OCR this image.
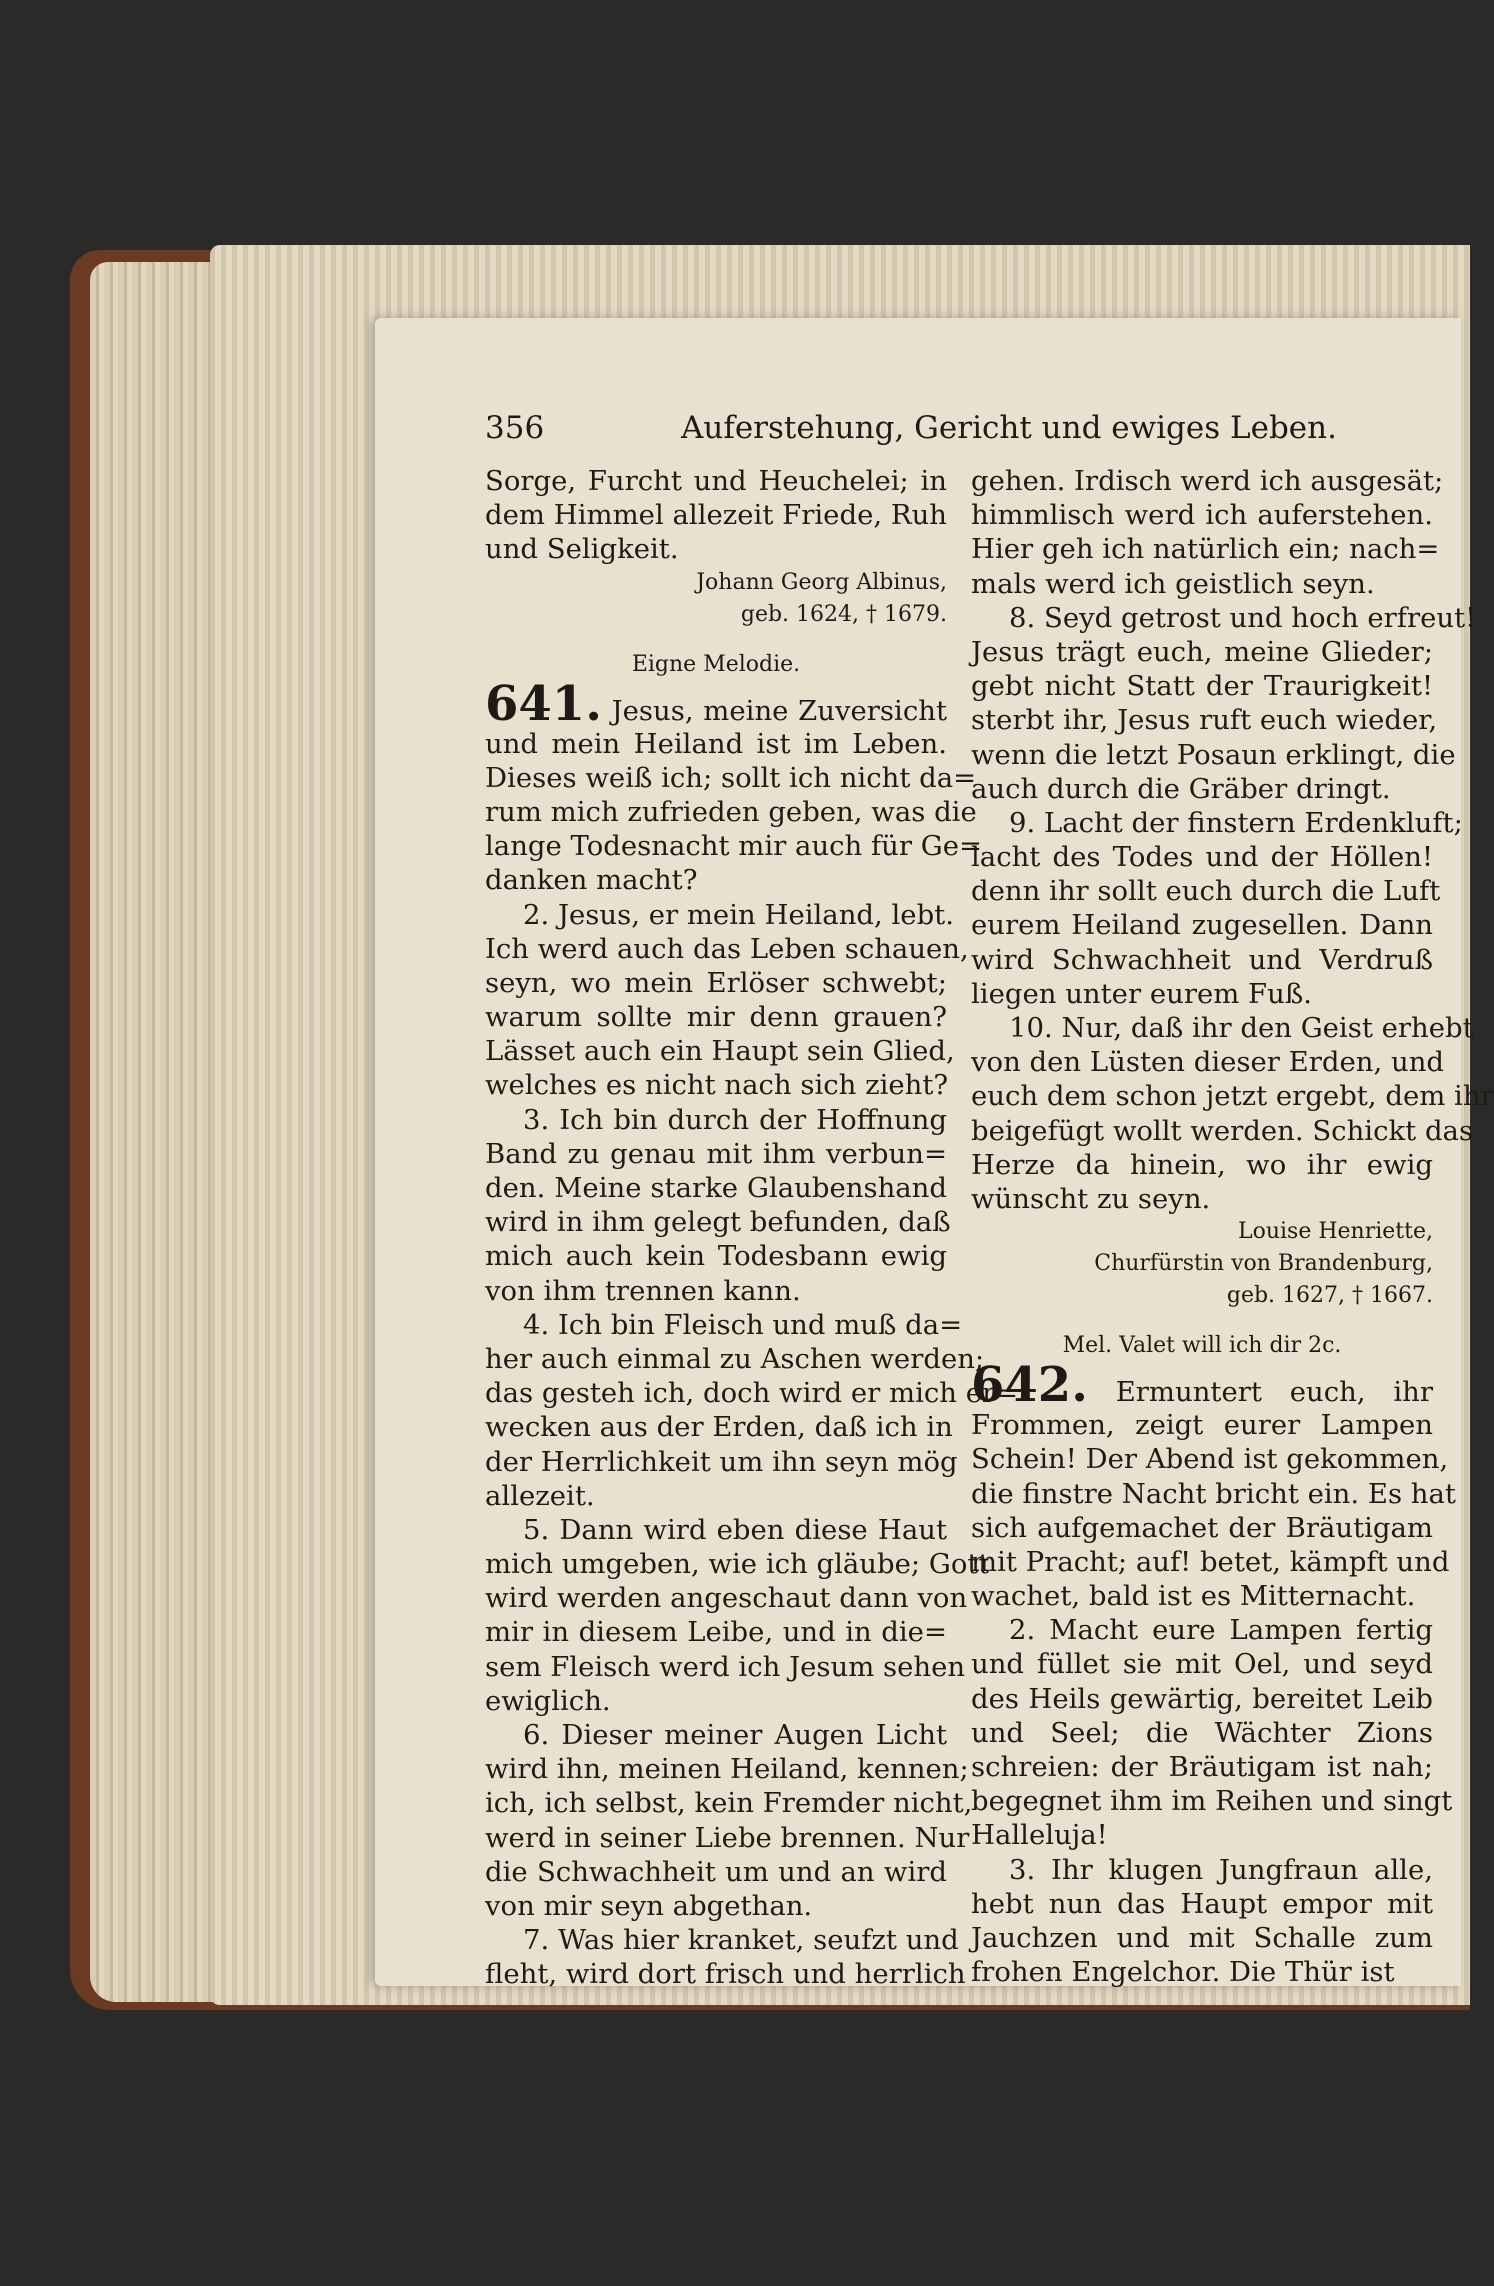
356	Auferstehung, Gericht und ewiges Leben.
Sorge, Furcht und Heuchelei; in
dem Himmel allezeit Friede, Ruh
und Seligkeit.
Johann Georg Albinus,
geb. 1624, † 1679.
Eigne Melodie.
641. Jesus, meine Zuversicht
und mein Heiland ist im Leben.
Dieses weiß ich; sollt ich nicht da=
rum mich zufrieden geben, was die
lange Todesnacht mir auch für Ge=
danken macht?
2. Jesus, er mein Heiland, lebt.
Ich werd auch das Leben schauen,
seyn, wo mein Erlöser schwebt;
warum sollte mir denn grauen?
Lässet auch ein Haupt sein Glied,
welches es nicht nach sich zieht?
3. Ich bin durch der Hoffnung
Band zu genau mit ihm verbun=
den. Meine starke Glaubenshand
wird in ihm gelegt befunden, daß
mich auch kein Todesbann ewig
von ihm trennen kann.
4. Ich bin Fleisch und muß da=
her auch einmal zu Aschen werden;
das gesteh ich, doch wird er mich er=
wecken aus der Erden, daß ich in
der Herrlichkeit um ihn seyn mög
allezeit.
5. Dann wird eben diese Haut
mich umgeben, wie ich gläube; Gott
wird werden angeschaut dann von
mir in diesem Leibe, und in die=
sem Fleisch werd ich Jesum sehen
ewiglich.
6. Dieser meiner Augen Licht
wird ihn, meinen Heiland, kennen;
ich, ich selbst, kein Fremder nicht,
werd in seiner Liebe brennen. Nur
die Schwachheit um und an wird
von mir seyn abgethan.
7. Was hier kranket, seufzt und
fleht, wird dort frisch und herrlich
gehen. Irdisch werd ich ausgesät;
himmlisch werd ich auferstehen.
Hier geh ich natürlich ein; nach=
mals werd ich geistlich seyn.
8. Seyd getrost und hoch erfreut!
Jesus trägt euch, meine Glieder;
gebt nicht Statt der Traurigkeit!
sterbt ihr, Jesus ruft euch wieder,
wenn die letzt Posaun erklingt, die
auch durch die Gräber dringt.
9. Lacht der finstern Erdenkluft;
lacht des Todes und der Höllen!
denn ihr sollt euch durch die Luft
eurem Heiland zugesellen. Dann
wird Schwachheit und Verdruß
liegen unter eurem Fuß.
10. Nur, daß ihr den Geist erhebt
von den Lüsten dieser Erden, und
euch dem schon jetzt ergebt, dem ihr
beigefügt wollt werden. Schickt das
Herze da hinein, wo ihr ewig
wünscht zu seyn.
Louise Henriette,
Churfürstin von Brandenburg,
geb. 1627, † 1667.
Mel. Valet will ich dir 2c.
642. Ermuntert euch, ihr
Frommen, zeigt eurer Lampen
Schein! Der Abend ist gekommen,
die finstre Nacht bricht ein. Es hat
sich aufgemachet der Bräutigam
mit Pracht; auf! betet, kämpft und
wachet, bald ist es Mitternacht.
2. Macht eure Lampen fertig
und füllet sie mit Oel, und seyd
des Heils gewärtig, bereitet Leib
und Seel; die Wächter Zions
schreien: der Bräutigam ist nah;
begegnet ihm im Reihen und singt
Halleluja!
3. Ihr klugen Jungfraun alle,
hebt nun das Haupt empor mit
Jauchzen und mit Schalle zum
frohen Engelchor. Die Thür ist
